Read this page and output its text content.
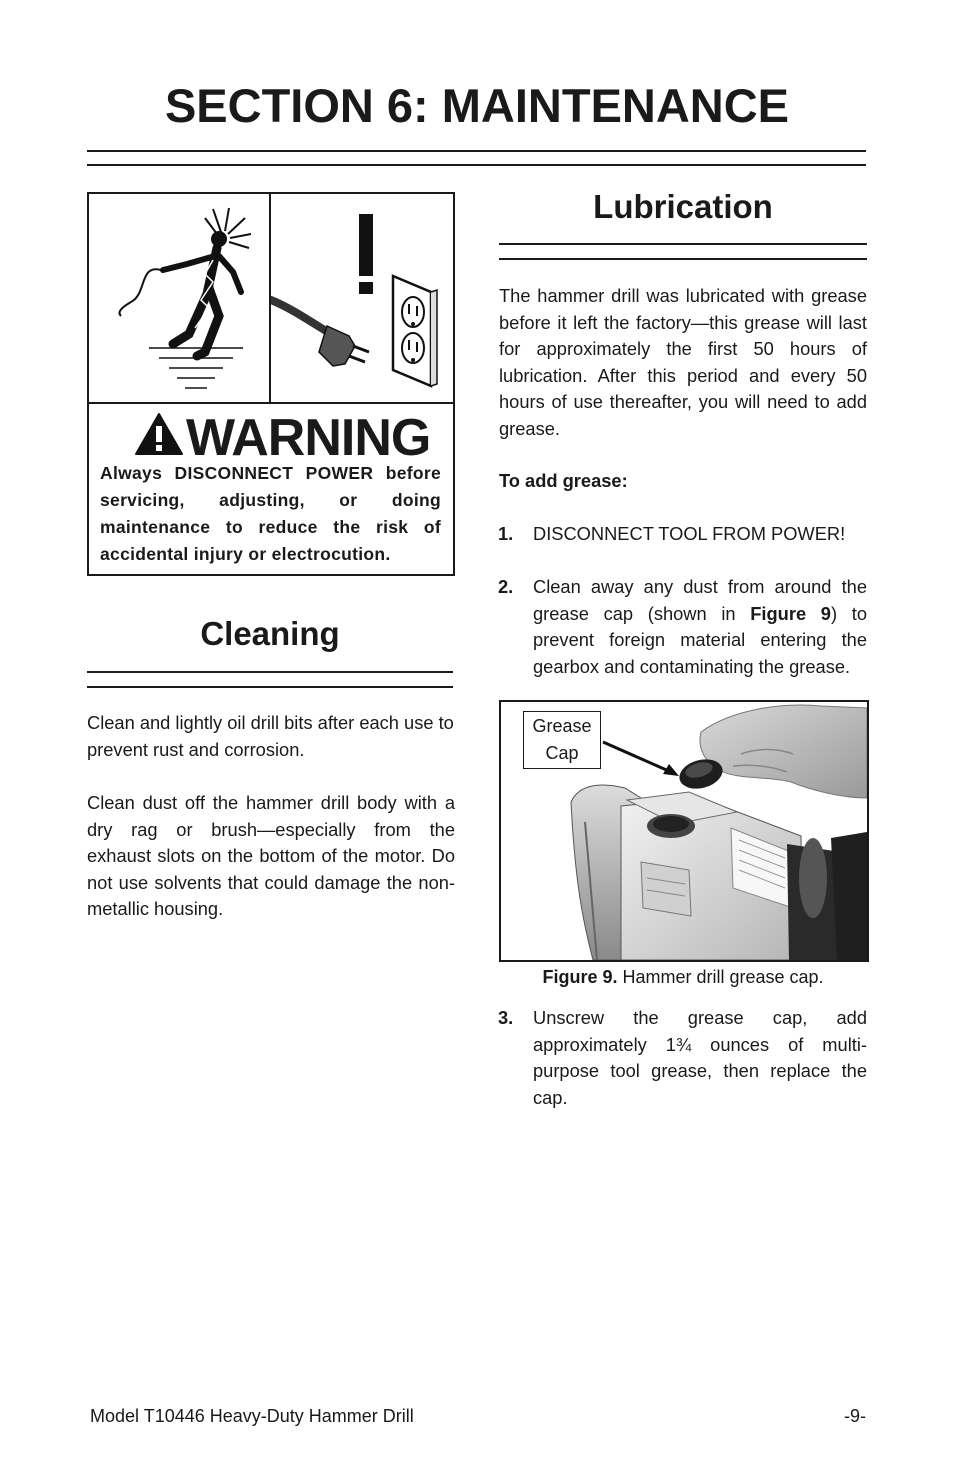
SECTION 6: MAINTENANCE
WARNING
Always DISCONNECT POWER before servicing, adjusting, or doing maintenance to reduce the risk of accidental injury or electrocution.
Cleaning
Clean and lightly oil drill bits after each use to prevent rust and corrosion.
Clean dust off the hammer drill body with a dry rag or brush—especially from the exhaust slots on the bottom of the motor. Do not use solvents that could damage the non-metallic housing.
Lubrication
The hammer drill was lubricated with grease before it left the factory—this grease will last for approximately the first 50 hours of lubrication. After this period and every 50 hours of use thereafter, you will need to add grease.
To add grease:
1. DISCONNECT TOOL FROM POWER!
2. Clean away any dust from around the grease cap (shown in Figure 9) to prevent foreign material entering the gearbox and contaminating the grease.
Grease
Cap
Figure 9. Hammer drill grease cap.
3. Unscrew the grease cap, add approximately 1¾ ounces of multi-purpose tool grease, then replace the cap.
Model T10446 Heavy-Duty Hammer Drill	-9-
